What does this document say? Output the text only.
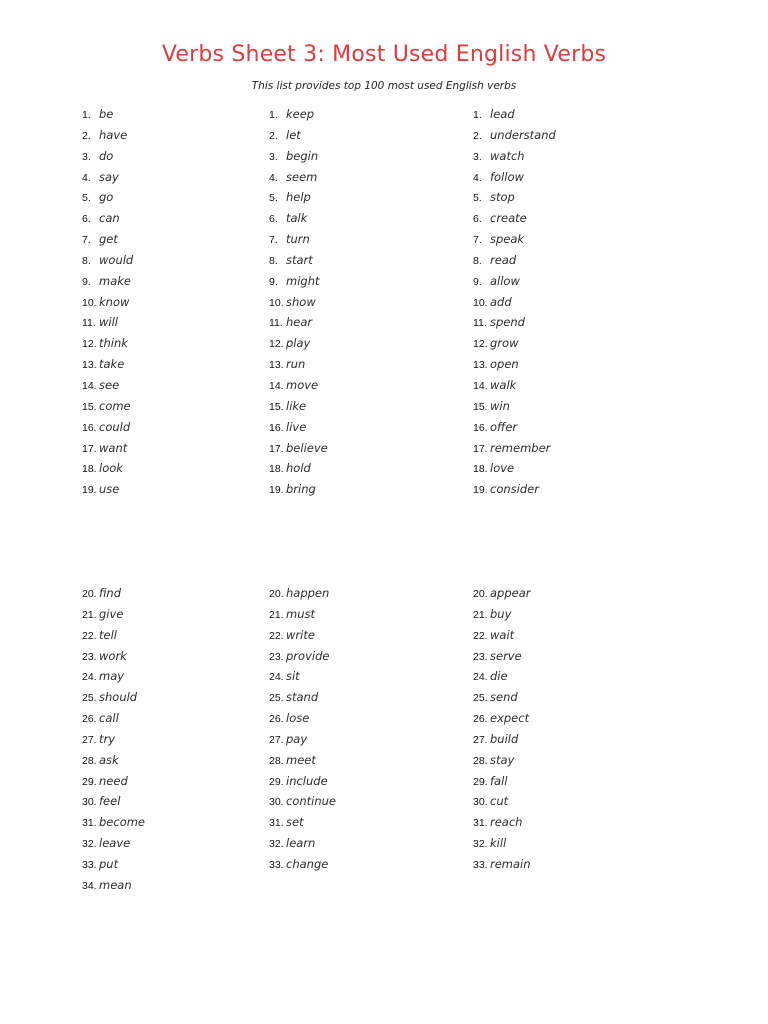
Verbs Sheet 3: Most Used English Verbs
This list provides top 100 most used English verbs
1. be
2. have
3. do
4. say
5. go
6. can
7. get
8. would
9. make
10. know
11. will
12. think
13. take
14. see
15. come
16. could
17. want
18. look
19. use
1. keep
2. let
3. begin
4. seem
5. help
6. talk
7. turn
8. start
9. might
10. show
11. hear
12. play
13. run
14. move
15. like
16. live
17. believe
18. hold
19. bring
1. lead
2. understand
3. watch
4. follow
5. stop
6. create
7. speak
8. read
9. allow
10. add
11. spend
12. grow
13. open
14. walk
15. win
16. offer
17. remember
18. love
19. consider
20. find
21. give
22. tell
23. work
24. may
25. should
26. call
27. try
28. ask
29. need
30. feel
31. become
32. leave
33. put
34. mean
20. happen
21. must
22. write
23. provide
24. sit
25. stand
26. lose
27. pay
28. meet
29. include
30. continue
31. set
32. learn
33. change
20. appear
21. buy
22. wait
23. serve
24. die
25. send
26. expect
27. build
28. stay
29. fall
30. cut
31. reach
32. kill
33. remain
